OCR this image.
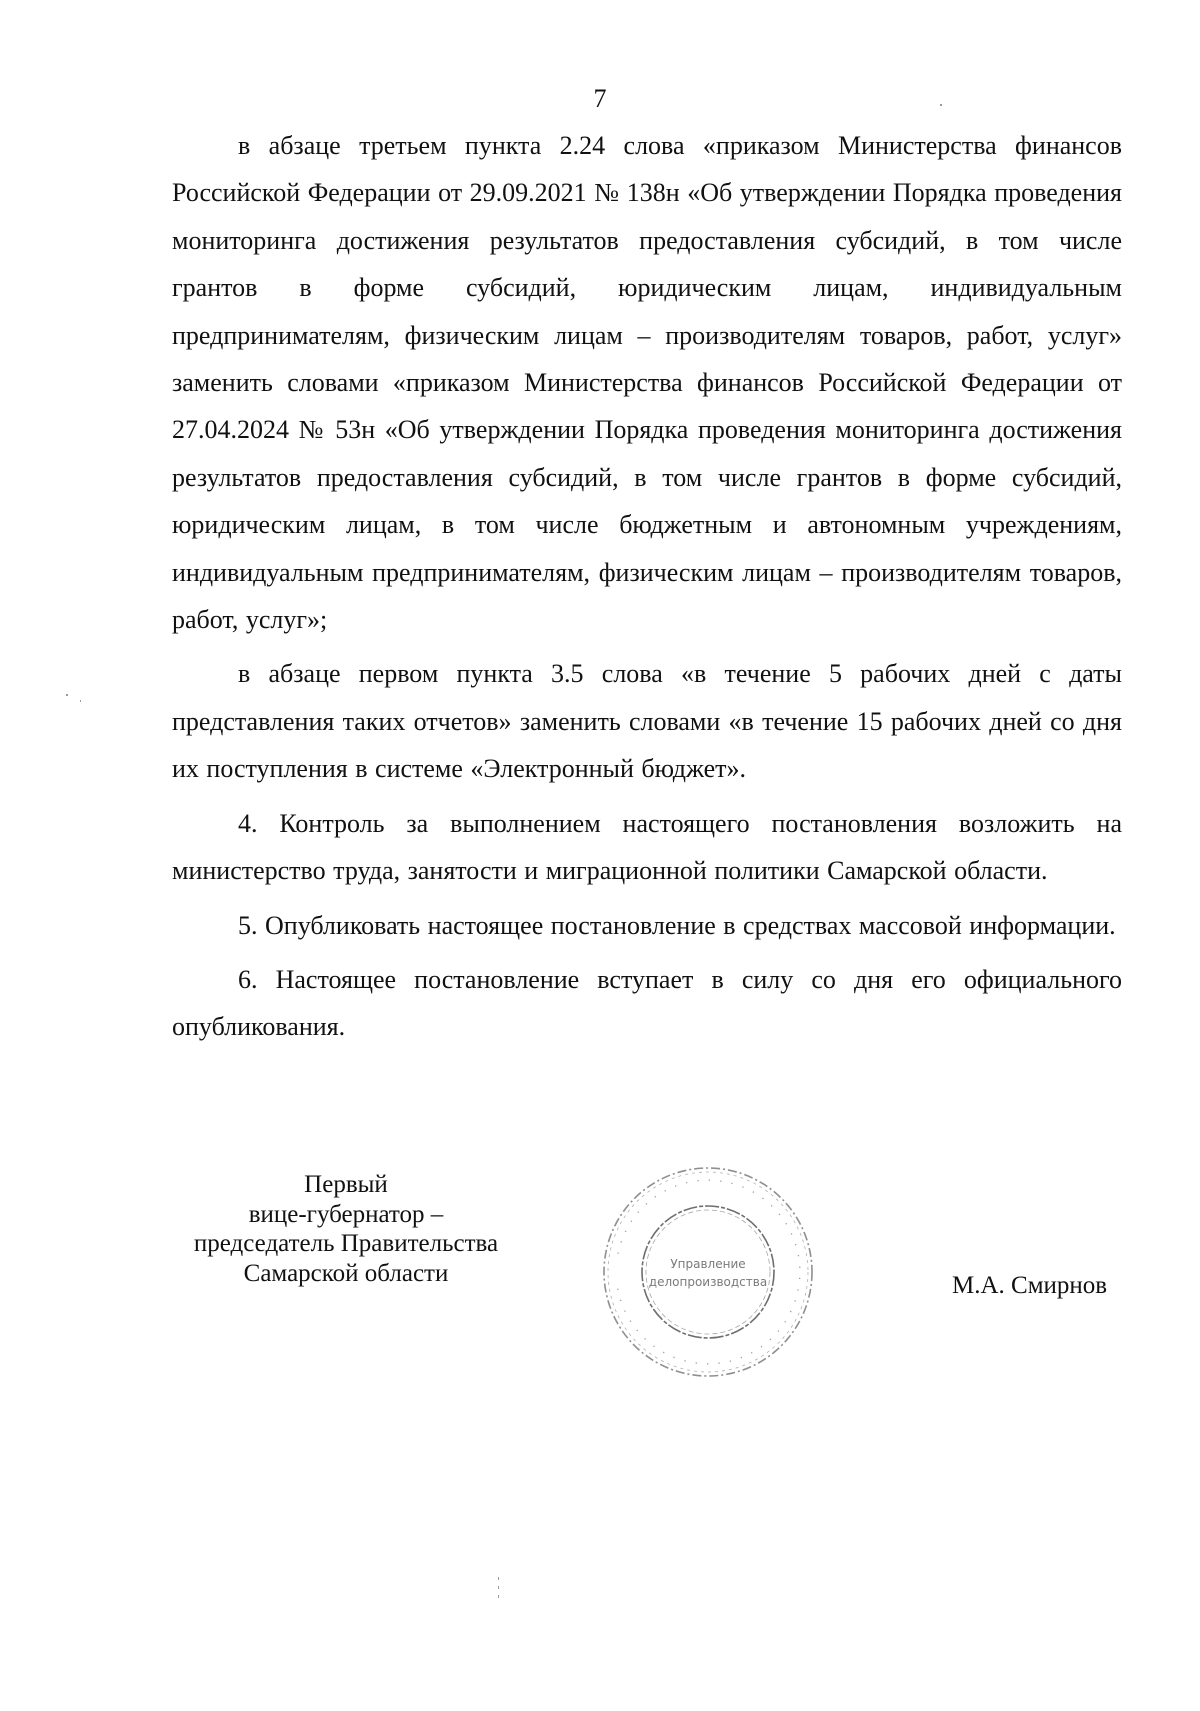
7

в абзаце третьем пункта 2.24 слова «приказом Министерства финансов Российской Федерации от 29.09.2021 № 138н «Об утверждении Порядка проведения мониторинга достижения результатов предоставления субсидий, в том числе грантов в форме субсидий, юридическим лицам, индивидуальным предпринимателям, физическим лицам – производителям товаров, работ, услуг» заменить словами «приказом Министерства финансов Российской Федерации от 27.04.2024 № 53н «Об утверждении Порядка проведения мониторинга достижения результатов предоставления субсидий, в том числе грантов в форме субсидий, юридическим лицам, в том числе бюджетным и автономным учреждениям, индивидуальным предпринимателям, физическим лицам – производителям товаров, работ, услуг»;

в абзаце первом пункта 3.5 слова «в течение 5 рабочих дней с даты представления таких отчетов» заменить словами «в течение 15 рабочих дней со дня их поступления в системе «Электронный бюджет».

4. Контроль за выполнением настоящего постановления возложить на министерство труда, занятости и миграционной политики Самарской области.

5. Опубликовать настоящее постановление в средствах массовой информации.

6. Настоящее постановление вступает в силу со дня его официального опубликования.

Первый
вице-губернатор –
председатель Правительства
Самарской области
· · · · · · · · · · · · · · · · · · · · · · · · · · · · · · · · · · · · · · · · · · · · · · · ·
Управление
делопроизводства	М.А. Смирнов
